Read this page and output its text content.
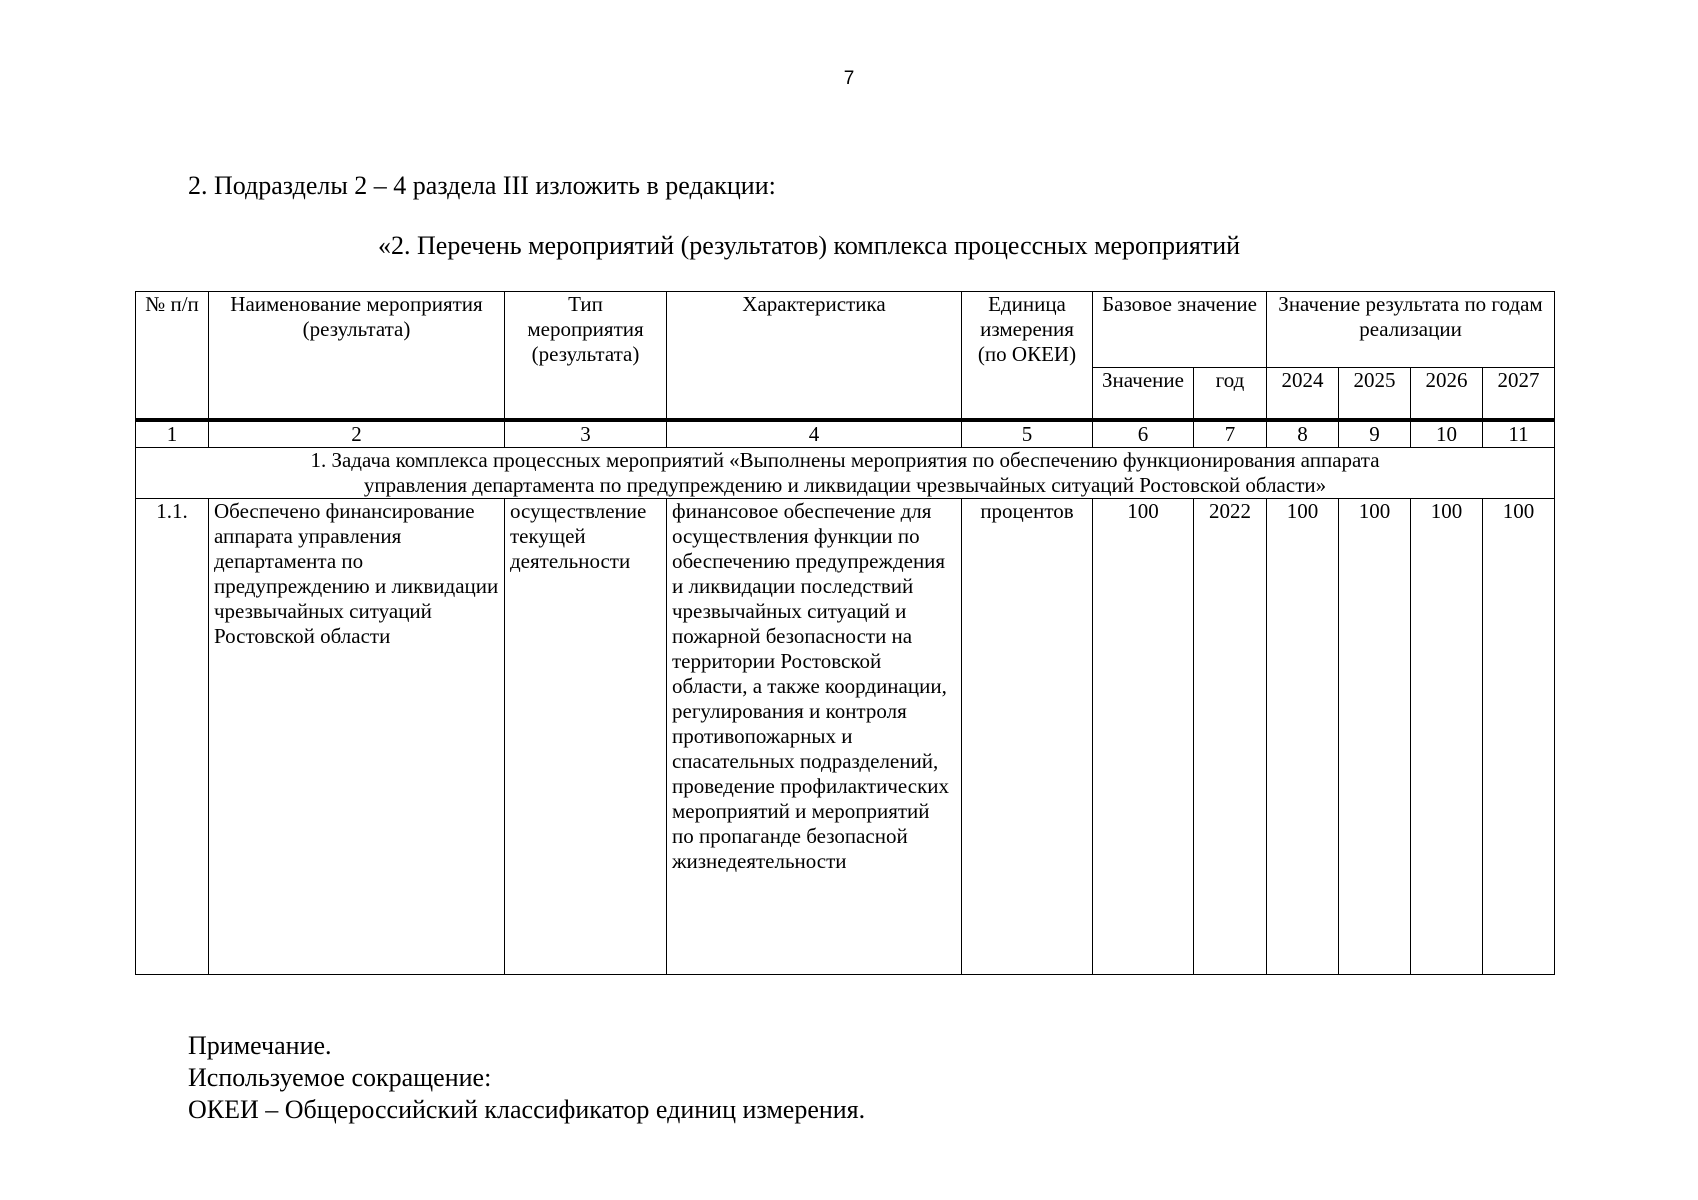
7
2. Подразделы 2 – 4 раздела III изложить в редакции:
«2. Перечень мероприятий (результатов) комплекса процессных мероприятий
№ п/п	Наименование мероприятия (результата)	Тип мероприятия (результата)	Характеристика	Единица измерения (по ОКЕИ)	Базовое значение		Значение результата по годам реализации			
					Значение	год	2024	2025	2026	2027
1	2	3	4	5	6	7	8	9	10	11
1. Задача комплекса процессных мероприятий «Выполнены мероприятия по обеспечению функционирования аппарата управления департамента по предупреждению и ликвидации чрезвычайных ситуаций Ростовской области»										
1.1.	Обеспечено финансирование аппарата управления департамента по предупреждению и ликвидации чрезвычайных ситуаций Ростовской области	осуществление текущей деятельности	финансовое обеспечение для осуществления функции по обеспечению предупреждения и ликвидации последствий чрезвычайных ситуаций и пожарной безопасности на территории Ростовской области, а также координации, регулирования и контроля противопожарных и спасательных подразделений, проведение профилактических мероприятий и мероприятий по пропаганде безопасной жизнедеятельности	процентов	100	2022	100	100	100	100
Примечание.
Используемое сокращение:
ОКЕИ – Общероссийский классификатор единиц измерения.
